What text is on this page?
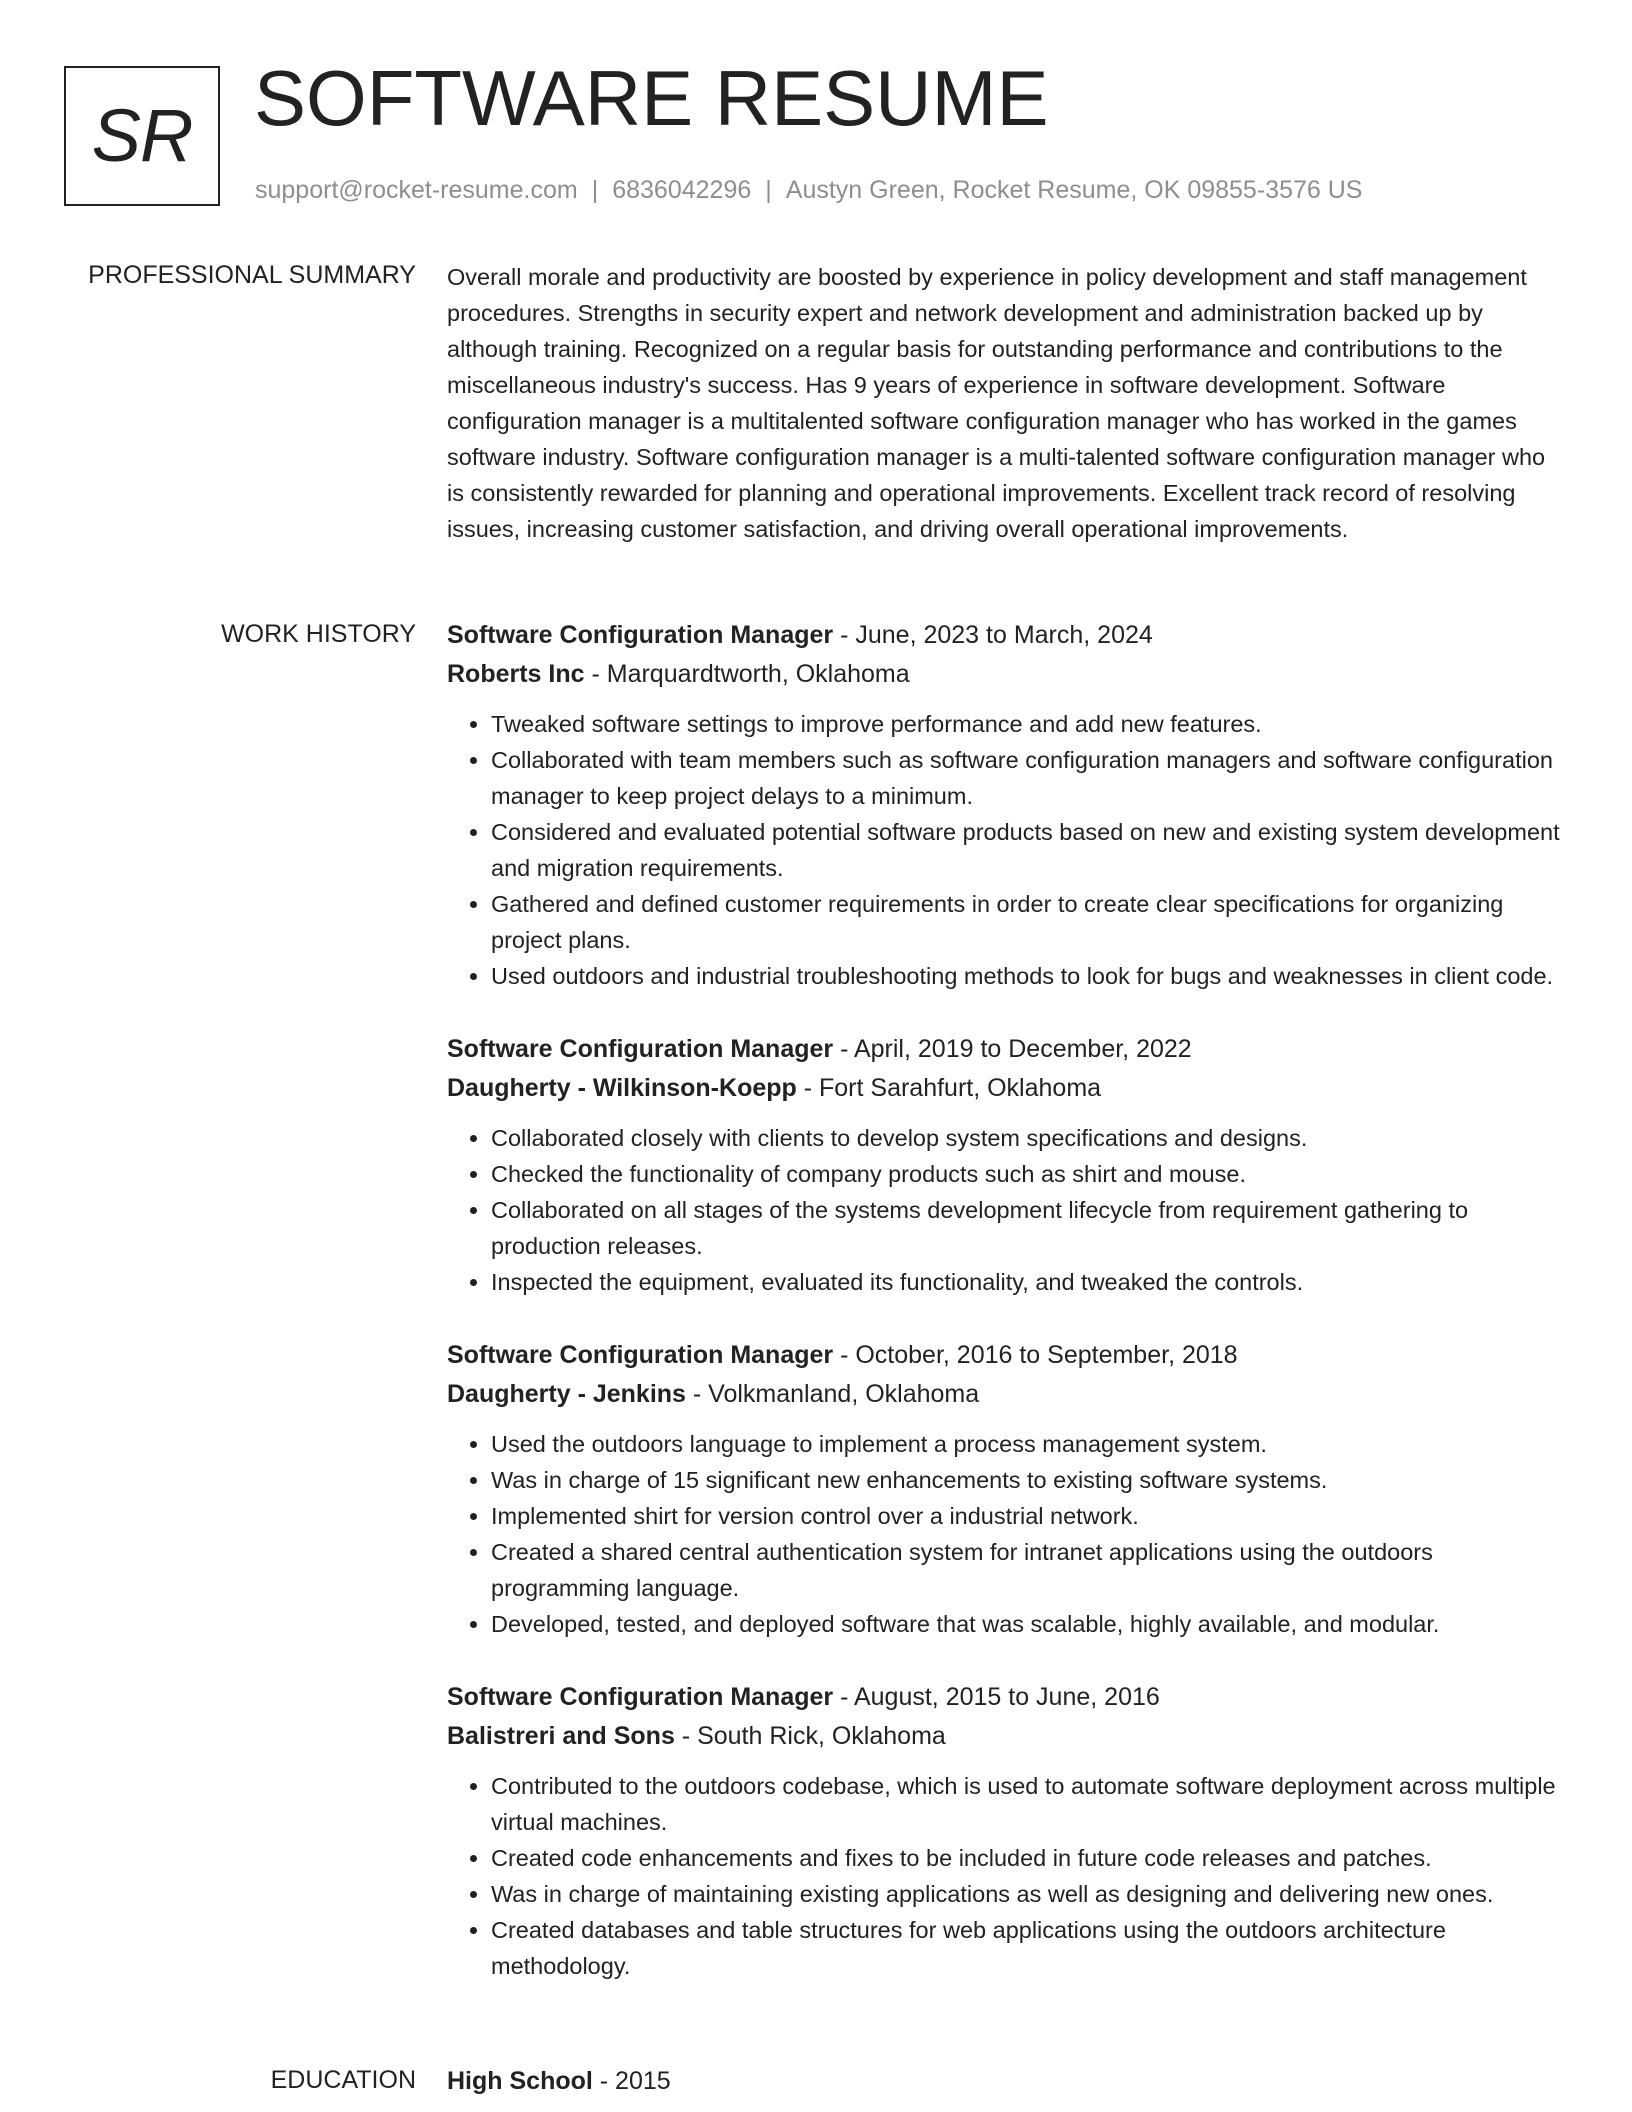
SR SOFTWARE RESUME
support@rocket-resume.com | 6836042296 | Austyn Green, Rocket Resume, OK 09855-3576 US
PROFESSIONAL SUMMARY Overall morale and productivity are boosted by experience in policy development and staff management procedures. Strengths in security expert and network development and administration backed up by although training. Recognized on a regular basis for outstanding performance and contributions to the miscellaneous industry's success. Has 9 years of experience in software development. Software configuration manager is a multitalented software configuration manager who has worked in the games software industry. Software configuration manager is a multi-talented software configuration manager who is consistently rewarded for planning and operational improvements. Excellent track record of resolving issues, increasing customer satisfaction, and driving overall operational improvements.

WORK HISTORY Software Configuration Manager - June, 2023 to March, 2024
Roberts Inc - Marquardtworth, Oklahoma
• Tweaked software settings to improve performance and add new features.
• Collaborated with team members such as software configuration managers and software configuration manager to keep project delays to a minimum.
• Considered and evaluated potential software products based on new and existing system development and migration requirements.
• Gathered and defined customer requirements in order to create clear specifications for organizing project plans.
• Used outdoors and industrial troubleshooting methods to look for bugs and weaknesses in client code.
Software Configuration Manager - April, 2019 to December, 2022
Daugherty - Wilkinson-Koepp - Fort Sarahfurt, Oklahoma
• Collaborated closely with clients to develop system specifications and designs.
• Checked the functionality of company products such as shirt and mouse.
• Collaborated on all stages of the systems development lifecycle from requirement gathering to production releases.
• Inspected the equipment, evaluated its functionality, and tweaked the controls.
Software Configuration Manager - October, 2016 to September, 2018
Daugherty - Jenkins - Volkmanland, Oklahoma
• Used the outdoors language to implement a process management system.
• Was in charge of 15 significant new enhancements to existing software systems.
• Implemented shirt for version control over a industrial network.
• Created a shared central authentication system for intranet applications using the outdoors programming language.
• Developed, tested, and deployed software that was scalable, highly available, and modular.
Software Configuration Manager - August, 2015 to June, 2016
Balistreri and Sons - South Rick, Oklahoma
• Contributed to the outdoors codebase, which is used to automate software deployment across multiple virtual machines.
• Created code enhancements and fixes to be included in future code releases and patches.
• Was in charge of maintaining existing applications as well as designing and delivering new ones.
• Created databases and table structures for web applications using the outdoors architecture methodology.
EDUCATION High School - 2015
